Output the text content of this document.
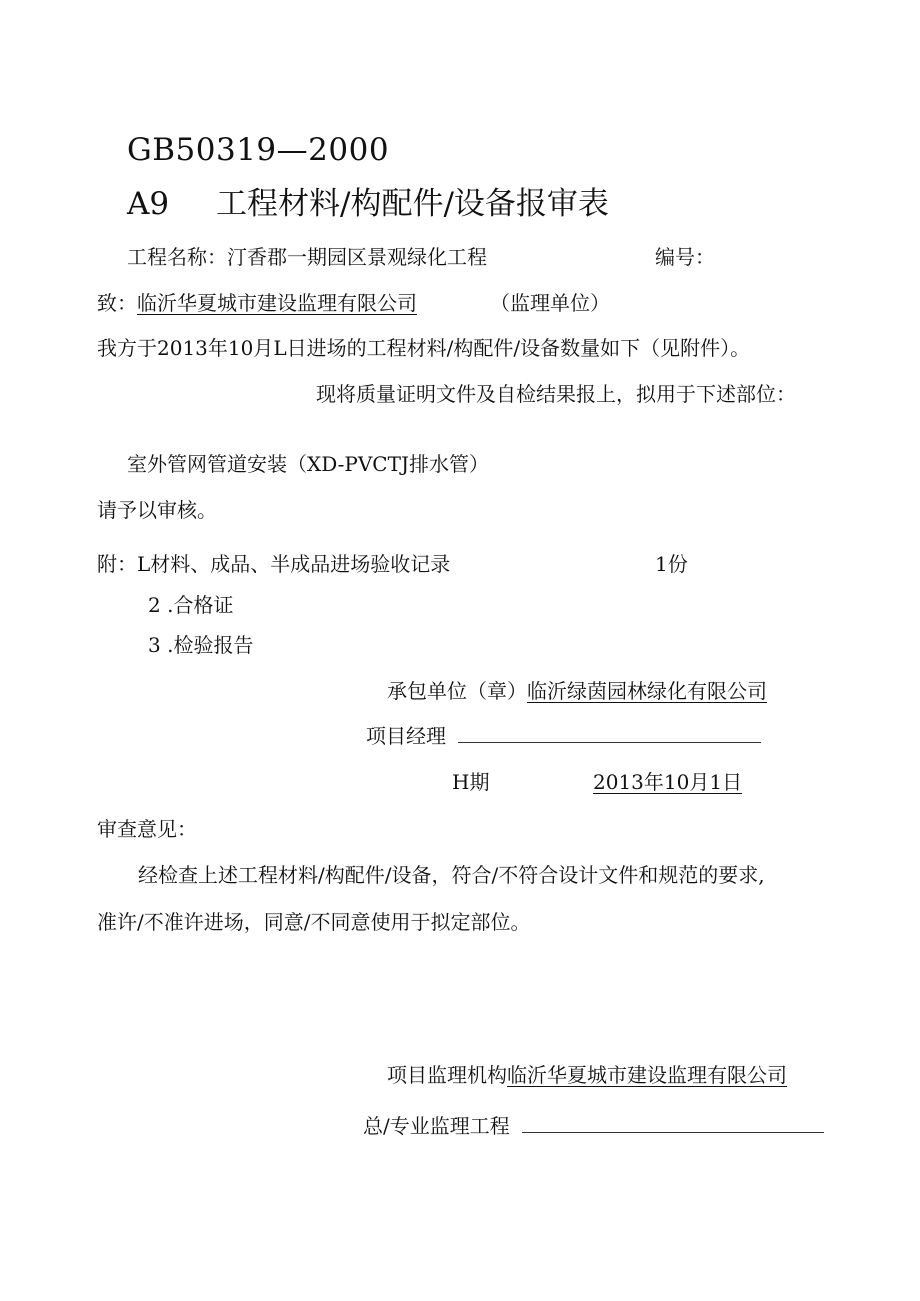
GB50319—2000
A9 工程材料/构配件/设备报审表
工程名称：汀香郡一期园区景观绿化工程	编号：
致：临沂华夏城市建设监理有限公司	（监理单位）
我方于2013年10月L日进场的工程材料/构配件/设备数量如下（见附件）。
现将质量证明文件及自检结果报上，拟用于下述部位：
室外管网管道安装（XD-PVCTJ排水管）
请予以审核。
附：L材料、成品、半成品进场验收记录	1份
2 .合格证
3 .检验报告
承包单位（章）临沂绿茵园林绿化有限公司
项目经理
H期	2013年10月1日
审查意见：
经检查上述工程材料/构配件/设备，符合/不符合设计文件和规范的要求,
准许/不准许进场，同意/不同意使用于拟定部位。
项目监理机构临沂华夏城市建设监理有限公司
总/专业监理工程
